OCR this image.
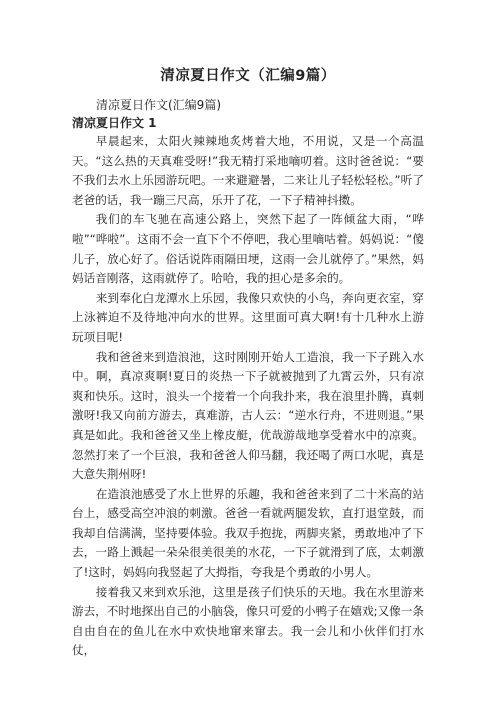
清凉夏日作文（汇编9篇）
清凉夏日作文(汇编9篇)
清凉夏日作文 1

早晨起来，太阳火辣辣地炙烤着大地，不用说，又是一个高温天。“这么热的天真难受呀!”我无精打采地嘀叨着。这时爸爸说：“要不我们去水上乐园游玩吧。一来避避暑，二来让儿子轻松轻松。”听了老爸的话，我一蹦三尺高，乐开了花，一下子精神抖擞。

我们的车飞驰在高速公路上，突然下起了一阵倾盆大雨，“哗啦”“哗啦”。这雨不会一直下个不停吧，我心里嘀咕着。妈妈说：“傻儿子，放心好了。俗话说阵雨隔田埂，这雨一会儿就停了。”果然，妈妈话音刚落，这雨就停了。哈哈，我的担心是多余的。

来到奉化白龙潭水上乐园，我像只欢快的小鸟，奔向更衣室，穿上泳裤迫不及待地冲向水的世界。这里面可真大啊!有十几种水上游玩项目呢!

我和爸爸来到造浪池，这时刚刚开始人工造浪，我一下子跳入水中。啊，真凉爽啊!夏日的炎热一下子就被抛到了九霄云外，只有凉爽和快乐。这时，浪头一个接着一个向我扑来，我在浪里扑腾，真刺激呀!我又向前方游去，真难游，古人云：“逆水行舟，不进则退。”果真是如此。我和爸爸又坐上橡皮艇，优哉游哉地享受着水中的凉爽。忽然打来了一个巨浪，我和爸爸人仰马翻，我还喝了两口水呢，真是大意失荆州呀!

在造浪池感受了水上世界的乐趣，我和爸爸来到了二十米高的站台上，感受高空冲浪的刺激。爸爸一看就两腿发软，直打退堂鼓，而我却自信满满，坚持要体验。我双手抱拢，两脚夹紧，勇敢地冲了下去，一路上溅起一朵朵很美很美的水花，一下子就滑到了底，太刺激了!这时，妈妈向我竖起了大拇指，夸我是个勇敢的小男人。

接着我又来到欢乐池，这里是孩子们快乐的天地。我在水里游来游去，不时地探出自己的小脑袋，像只可爱的小鸭子在嬉戏;又像一条自由自在的鱼儿在水中欢快地窜来窜去。我一会儿和小伙伴们打水仗，
